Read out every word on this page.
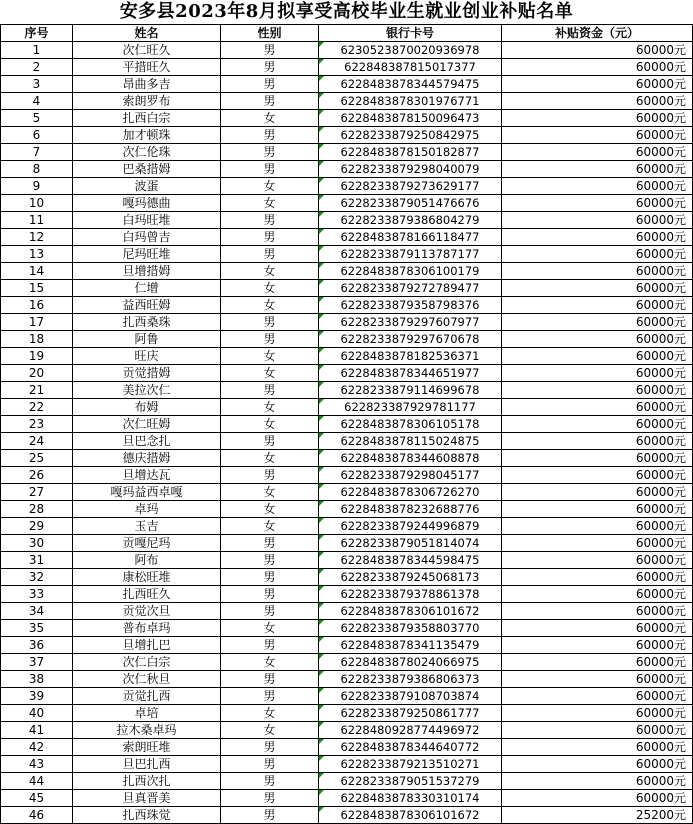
安多县2023年8月拟享受高校毕业生就业创业补贴名单
序号	姓名	性别	银行卡号	补贴资金（元）
1	次仁旺久	男	6230523870020936978	60000元
2	平措旺久	男	622848387815017377	60000元
3	昂曲多吉	男	6228483878344579475	60000元
4	索朗罗布	男	6228483878301976771	60000元
5	扎西白宗	女	6228483878150096473	60000元
6	加才顿珠	男	6228233879250842975	60000元
7	次仁伦珠	男	6228483878150182877	60000元
8	巴桑措姆	男	6228233879298040079	60000元
9	波蛋	女	6228233879273629177	60000元
10	嘎玛德曲	女	6228233879051476676	60000元
11	白玛旺堆	男	6228233879386804279	60000元
12	白玛曾吉	男	6228483878166118477	60000元
13	尼玛旺堆	男	6228233879113787177	60000元
14	旦增措姆	女	6228483878306100179	60000元
15	仁增	女	6228233879272789477	60000元
16	益西旺姆	女	6228233879358798376	60000元
17	扎西桑珠	男	6228233879297607977	60000元
18	阿鲁	男	6228233879297670678	60000元
19	旺庆	女	6228483878182536371	60000元
20	贡觉措姆	女	6228483878344651977	60000元
21	美拉次仁	男	6228233879114699678	60000元
22	布姆	女	622823387929781177	60000元
23	次仁旺姆	女	6228483878306105178	60000元
24	旦巴念扎	男	6228483878115024875	60000元
25	德庆措姆	女	6228483878344608878	60000元
26	旦增达瓦	男	6228233879298045177	60000元
27	嘎玛益西卓嘎	女	6228483878306726270	60000元
28	卓玛	女	6228483878232688776	60000元
29	玉吉	女	6228233879244996879	60000元
30	贡嘎尼玛	男	6228233879051814074	60000元
31	阿布	男	6228483878344598475	60000元
32	康松旺堆	男	6228233879245068173	60000元
33	扎西旺久	男	6228233879378861378	60000元
34	贡觉次旦	男	6228483878306101672	60000元
35	普布卓玛	女	6228233879358803770	60000元
36	旦增扎巴	男	6228483878341135479	60000元
37	次仁白宗	女	6228483878024066975	60000元
38	次仁秋旦	男	6228233879386806373	60000元
39	贡觉扎西	男	6228233879108703874	60000元
40	卓培	女	6228233879250861777	60000元
41	拉木桑卓玛	女	6228480928774496972	60000元
42	索朗旺堆	男	6228483878344640772	60000元
43	旦巴扎西	男	6228233879213510271	60000元
44	扎西次扎	男	6228233879051537279	60000元
45	旦真晋美	男	6228483878330310174	60000元
46	扎西珠觉	男	6228483878306101672	25200元
